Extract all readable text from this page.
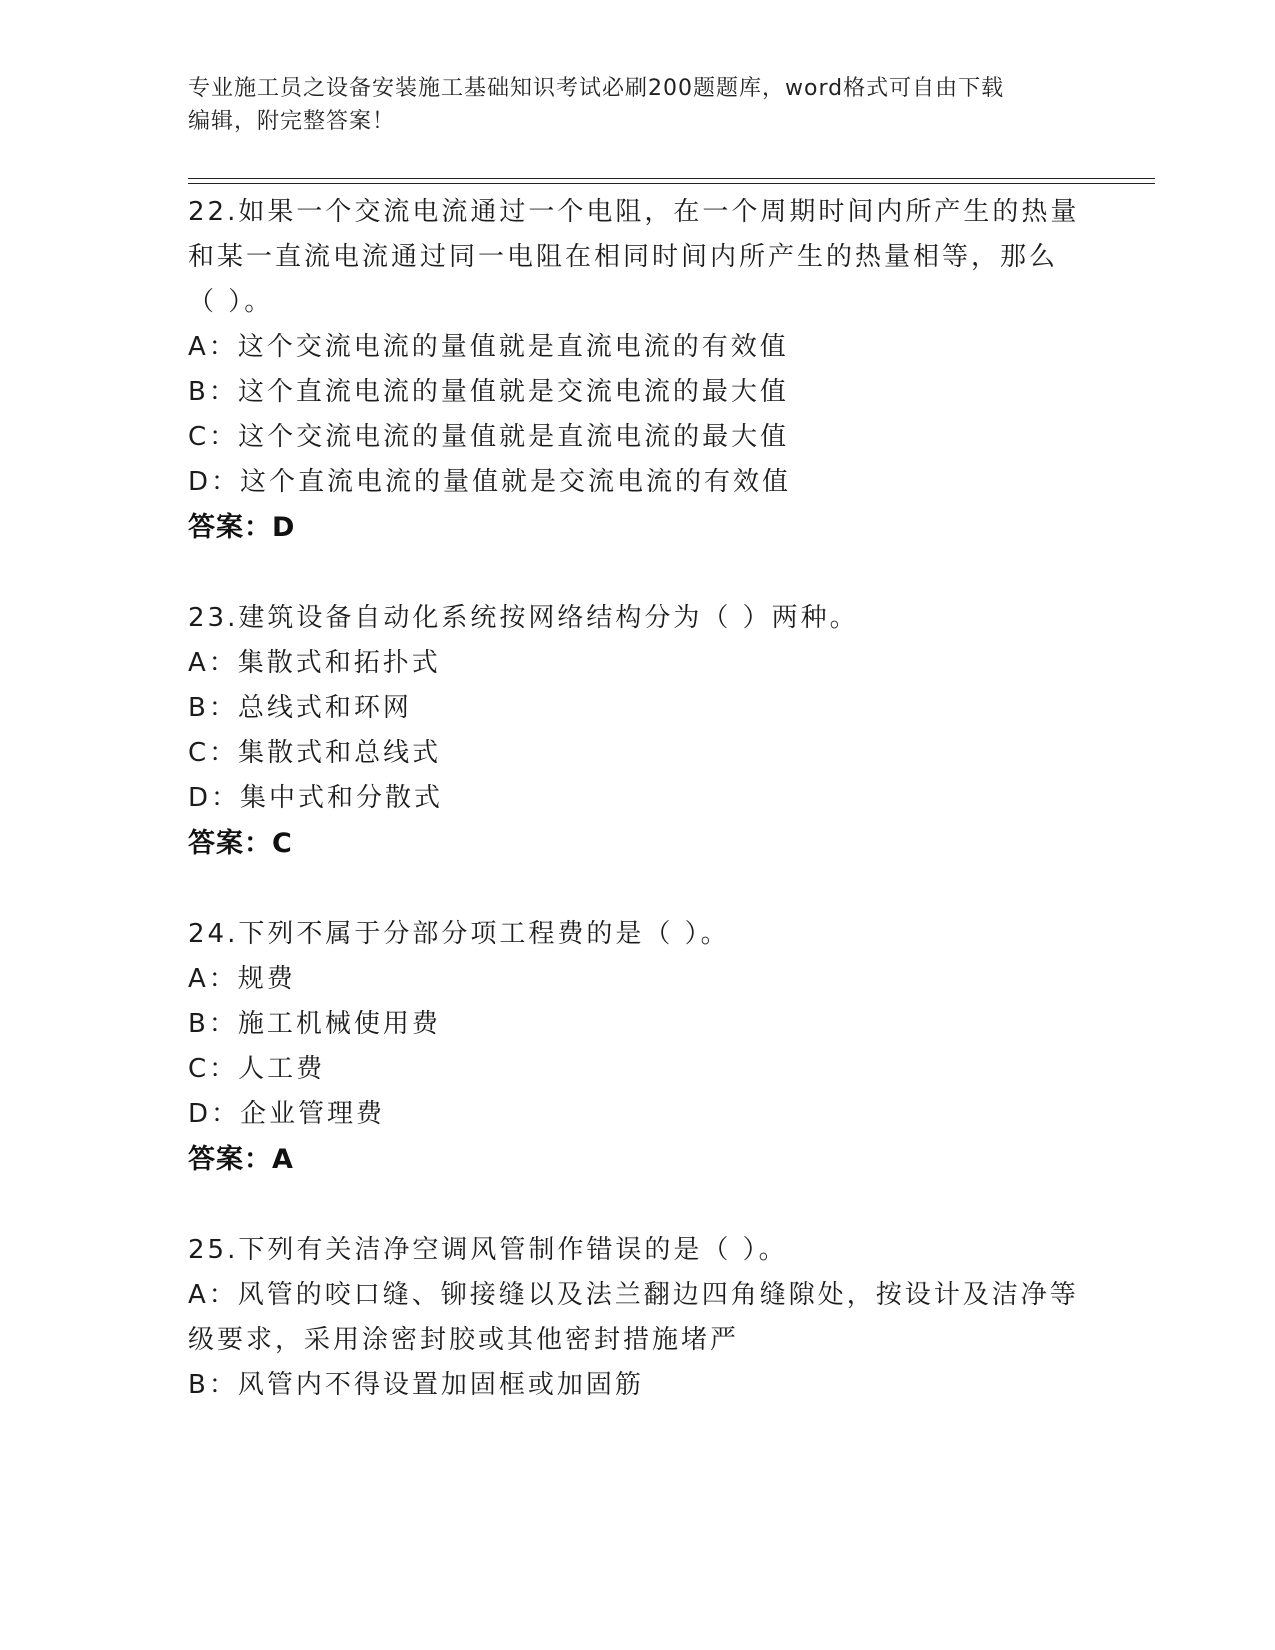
专业施工员之设备安装施工基础知识考试必刷200题题库，word格式可自由下载
编辑，附完整答案！

22.如果一个交流电流通过一个电阻，在一个周期时间内所产生的热量

和某一直流电流通过同一电阻在相同时间内所产生的热量相等，那么

（ ）。

A：这个交流电流的量值就是直流电流的有效值

B：这个直流电流的量值就是交流电流的最大值

C：这个交流电流的量值就是直流电流的最大值

D：这个直流电流的量值就是交流电流的有效值

答案：D

23.建筑设备自动化系统按网络结构分为（ ）两种。

A：集散式和拓扑式

B：总线式和环网

C：集散式和总线式

D：集中式和分散式

答案：C

24.下列不属于分部分项工程费的是（ ）。

A：规费

B：施工机械使用费

C：人工费

D：企业管理费

答案：A

25.下列有关洁净空调风管制作错误的是（ ）。

A：风管的咬口缝、铆接缝以及法兰翻边四角缝隙处，按设计及洁净等

级要求，采用涂密封胶或其他密封措施堵严

B：风管内不得设置加固框或加固筋
